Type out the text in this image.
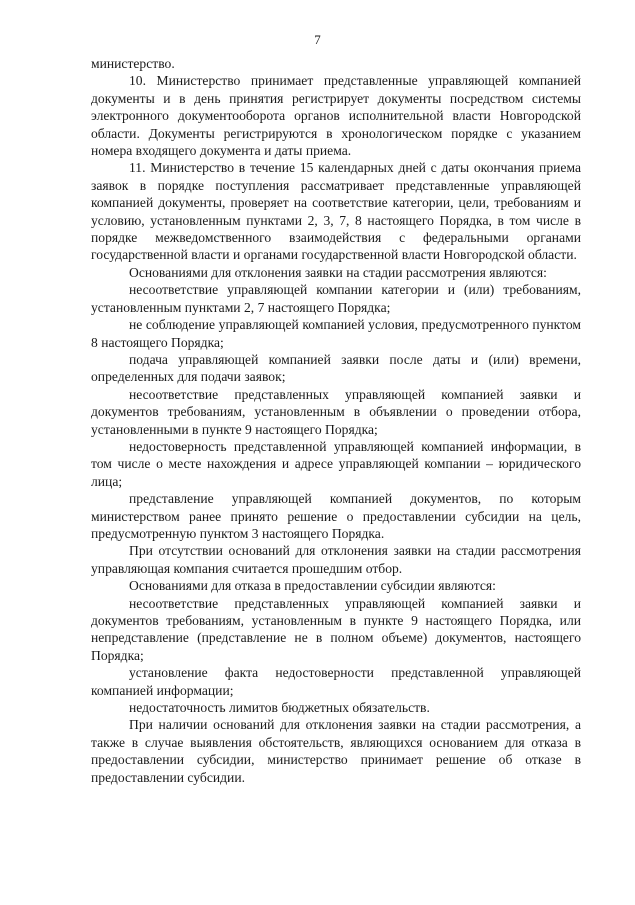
7

министерство.

10. Министерство принимает представленные управляющей компанией документы и в день принятия регистрирует документы посредством системы электронного документооборота органов исполнительной власти Новгородской области. Документы регистрируются в хронологическом порядке с указанием номера входящего документа и даты приема.

11. Министерство в течение 15 календарных дней с даты окончания приема заявок в порядке поступления рассматривает представленные управляющей компанией документы, проверяет на соответствие категории, цели, требованиям и условию, установленным пунктами 2, 3, 7, 8 настоящего Порядка, в том числе в порядке межведомственного взаимодействия с федеральными органами государственной власти и органами государственной власти Новгородской области.

Основаниями для отклонения заявки на стадии рассмотрения являются:

несоответствие управляющей компании категории и (или) требованиям, установленным пунктами 2, 7 настоящего Порядка;

не соблюдение управляющей компанией условия, предусмотренного пунктом 8 настоящего Порядка;

подача управляющей компанией заявки после даты и (или) времени, определенных для подачи заявок;

несоответствие представленных управляющей компанией заявки и документов требованиям, установленным в объявлении о проведении отбора, установленными в пункте 9 настоящего Порядка;

недостоверность представленной управляющей компанией информации, в том числе о месте нахождения и адресе управляющей компании – юридического лица;

представление управляющей компанией документов, по которым министерством ранее принято решение о предоставлении субсидии на цель, предусмотренную пунктом 3 настоящего Порядка.

При отсутствии оснований для отклонения заявки на стадии рассмотрения управляющая компания считается прошедшим отбор.

Основаниями для отказа в предоставлении субсидии являются:

несоответствие представленных управляющей компанией заявки и документов требованиям, установленным в пункте 9 настоящего Порядка, или непредставление (представление не в полном объеме) документов, настоящего Порядка;

установление факта недостоверности представленной управляющей компанией информации;

недостаточность лимитов бюджетных обязательств.

При наличии оснований для отклонения заявки на стадии рассмотрения, а также в случае выявления обстоятельств, являющихся основанием для отказа в предоставлении субсидии, министерство принимает решение об отказе в предоставлении субсидии.
